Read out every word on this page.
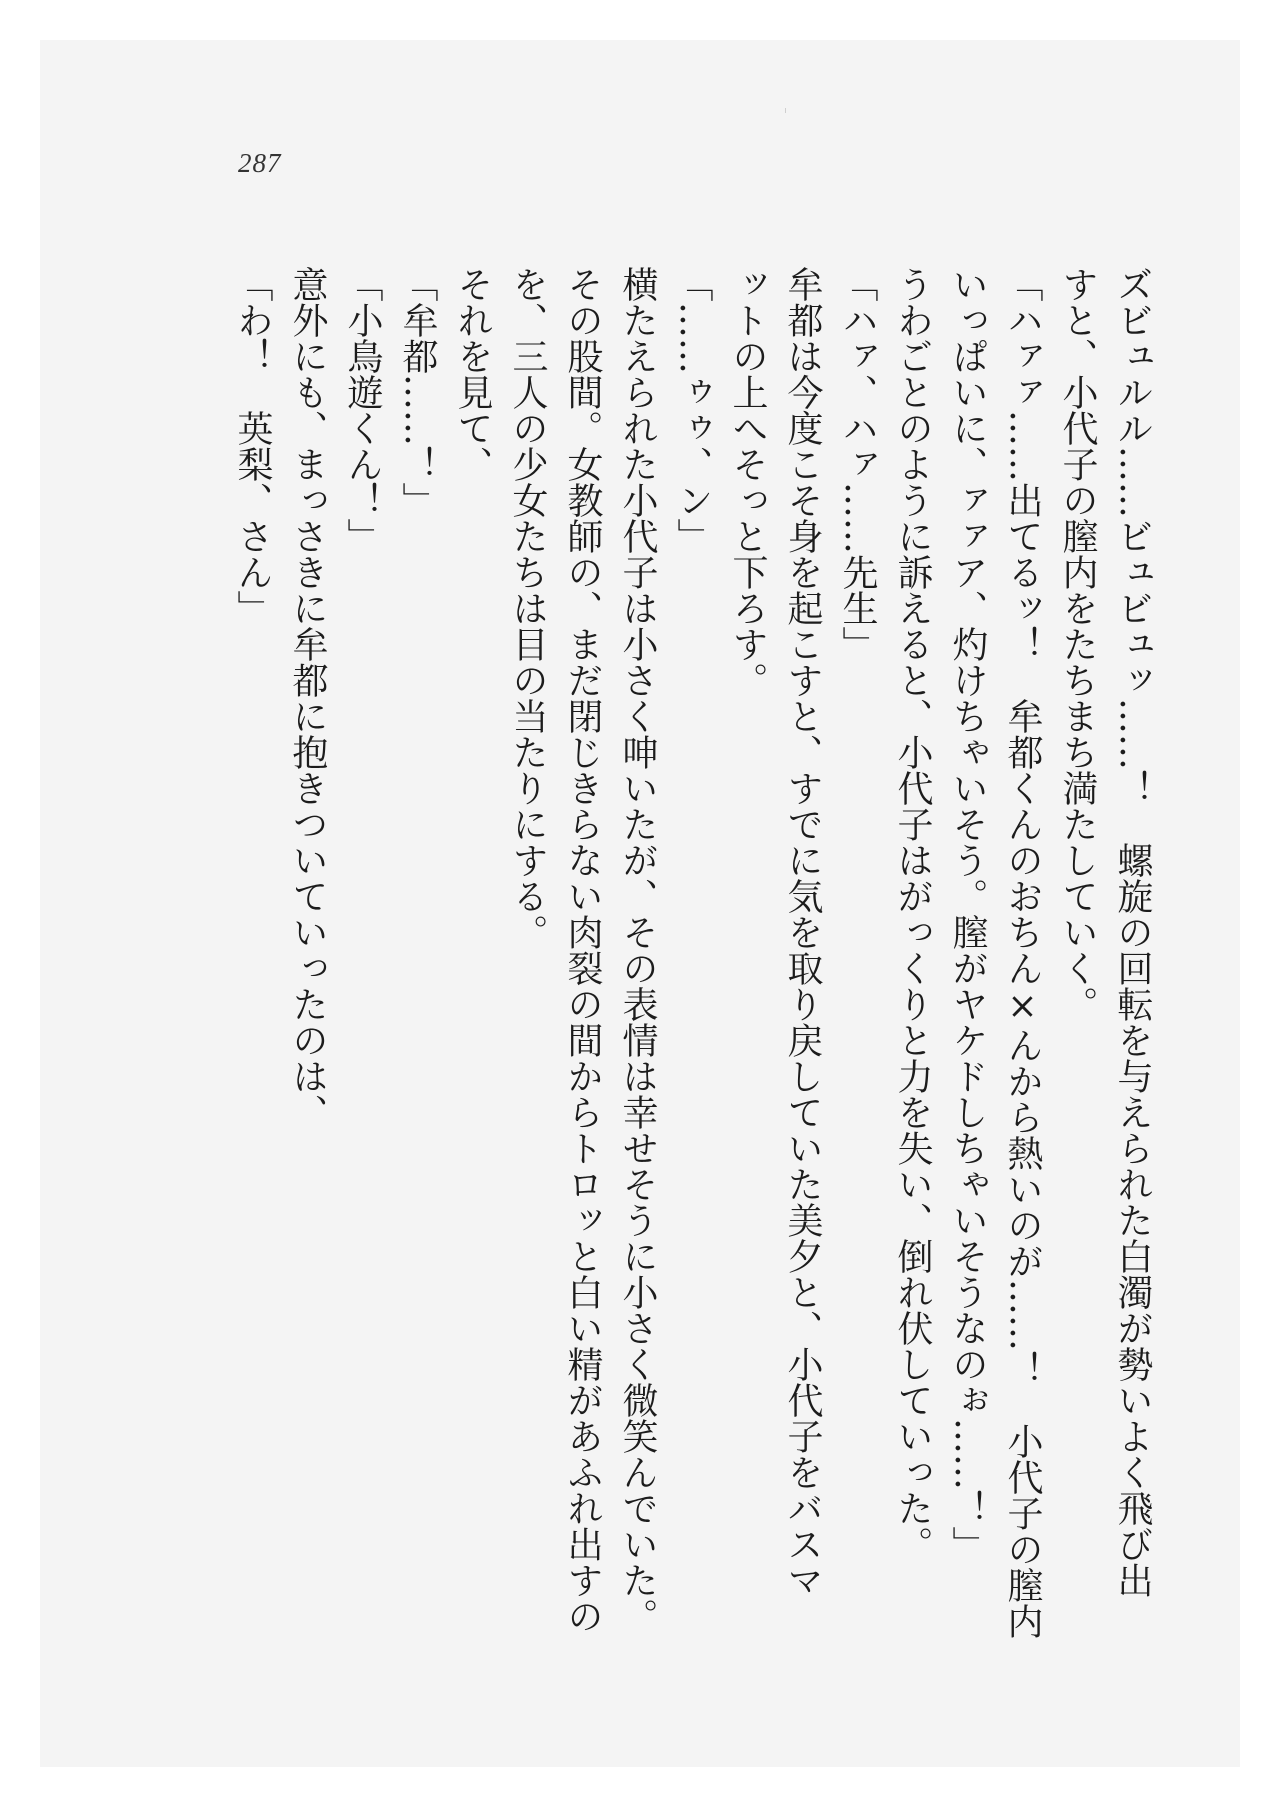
287
ズビュルル……ビュビュッ……！　螺旋の回転を与えられた白濁が勢いよく飛び出
すと、小代子の膣内をたちまち満たしていく。
「ハァァ……出てるッ！　牟都くんのおちん×んから熱いのが……！　小代子の膣内
いっぱいに、ァァア、灼けちゃいそう。膣がヤケドしちゃいそうなのぉ……！」
うわごとのように訴えると、小代子はがっくりと力を失い、倒れ伏していった。
「ハァ、ハァ……先生」
牟都は今度こそ身を起こすと、すでに気を取り戻していた美夕と、小代子をバスマ
ットの上へそっと下ろす。
「……ゥゥ、ン」
横たえられた小代子は小さく呻いたが、その表情は幸せそうに小さく微笑んでいた。
その股間。女教師の、まだ閉じきらない肉裂の間からトロッと白い精があふれ出すの
を、三人の少女たちは目の当たりにする。
それを見て、
「牟都……！」
「小鳥遊くん！」
意外にも、まっさきに牟都に抱きついていったのは、
「わ！　英梨、さん」
